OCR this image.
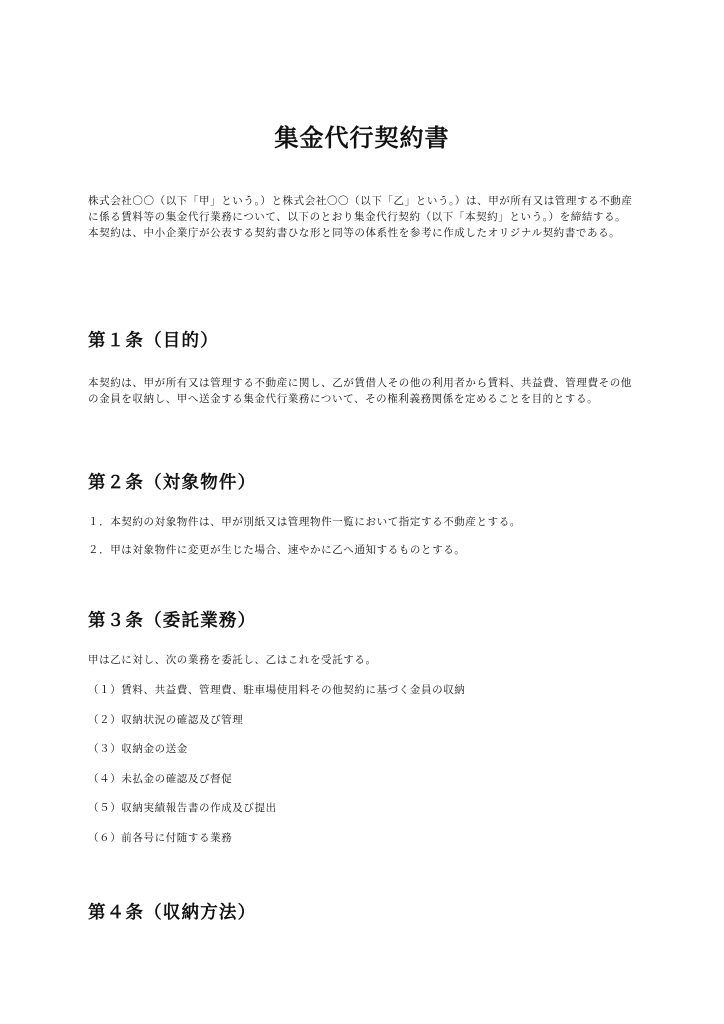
集金代行契約書

株式会社〇〇（以下「甲」という。）と株式会社〇〇（以下「乙」という。）は、甲が所有又は管理する不動産に係る賃料等の集金代行業務について、以下のとおり集金代行契約（以下「本契約」という。）を締結する。

本契約は、中小企業庁が公表する契約書ひな形と同等の体系性を参考に作成したオリジナル契約書である。

第１条（目的）

本契約は、甲が所有又は管理する不動産に関し、乙が賃借人その他の利用者から賃料、共益費、管理費その他の金員を収納し、甲へ送金する集金代行業務について、その権利義務関係を定めることを目的とする。

第２条（対象物件）

１．本契約の対象物件は、甲が別紙又は管理物件一覧において指定する不動産とする。

２．甲は対象物件に変更が生じた場合、速やかに乙へ通知するものとする。

第３条（委託業務）

甲は乙に対し、次の業務を委託し、乙はこれを受託する。

（１）賃料、共益費、管理費、駐車場使用料その他契約に基づく金員の収納

（２）収納状況の確認及び管理

（３）収納金の送金

（４）未払金の確認及び督促

（５）収納実績報告書の作成及び提出

（６）前各号に付随する業務

第４条（収納方法）
